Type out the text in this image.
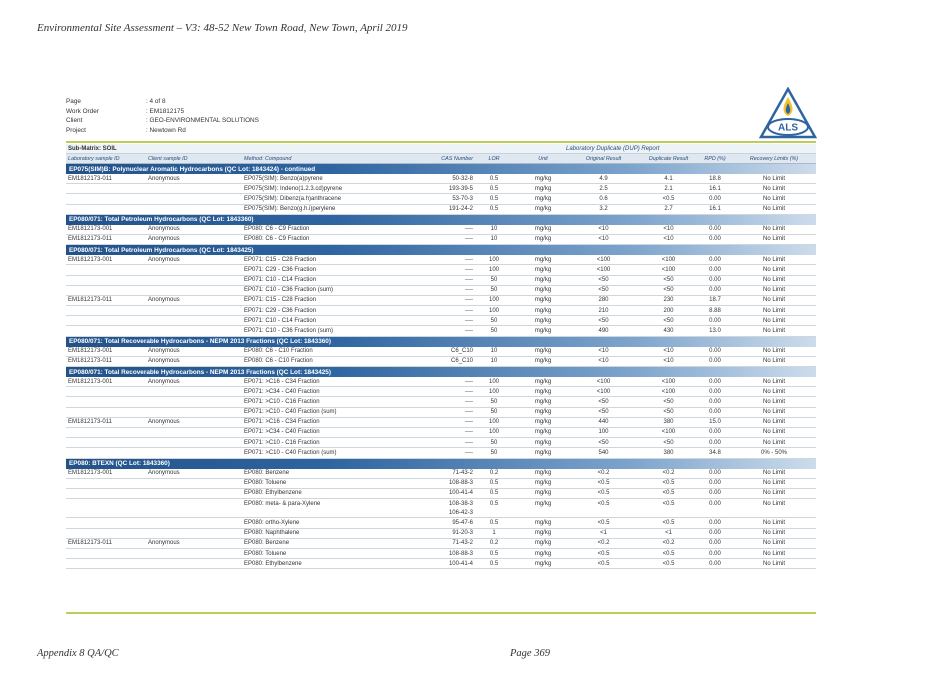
Environmental Site Assessment – V3: 48-52 New Town Road, New Town, April 2019
Page	: 4 of 8
Work Order	: EM1812175
Client	: GEO-ENVIRONMENTAL SOLUTIONS
Project	: Newtown Rd	ALS
Sub-Matrix: SOIL	Laboratory Duplicate (DUP) Report
Laboratory sample ID	Client sample ID	Method: Compound	CAS Number	LOR	Unit	Original Result	Duplicate Result	RPD (%)	Recovery Limits (%)
EP075(SIM)B: Polynuclear Aromatic Hydrocarbons (QC Lot: 1843424) - continued
EM1812173-011	Anonymous	EP075(SIM): Benzo(a)pyrene	50-32-8	0.5	mg/kg	4.9	4.1	18.8	No Limit
EP075(SIM): Indeno(1.2.3.cd)pyrene	193-39-5	0.5	mg/kg	2.5	2.1	16.1	No Limit
EP075(SIM): Dibenz(a.h)anthracene	53-70-3	0.5	mg/kg	0.6	<0.5	0.00	No Limit
EP075(SIM): Benzo(g.h.i)perylene	191-24-2	0.5	mg/kg	3.2	2.7	16.1	No Limit
EP080/071: Total Petroleum Hydrocarbons (QC Lot: 1843360)
EM1812173-001	Anonymous	EP080: C6 - C9 Fraction	----	10	mg/kg	<10	<10	0.00	No Limit
EM1812173-011	Anonymous	EP080: C6 - C9 Fraction	----	10	mg/kg	<10	<10	0.00	No Limit
EP080/071: Total Petroleum Hydrocarbons (QC Lot: 1843425)
EM1812173-001	Anonymous	EP071: C15 - C28 Fraction	----	100	mg/kg	<100	<100	0.00	No Limit
EP071: C29 - C36 Fraction	----	100	mg/kg	<100	<100	0.00	No Limit
EP071: C10 - C14 Fraction	----	50	mg/kg	<50	<50	0.00	No Limit
EP071: C10 - C36 Fraction (sum)	----	50	mg/kg	<50	<50	0.00	No Limit
EM1812173-011	Anonymous	EP071: C15 - C28 Fraction	----	100	mg/kg	280	230	18.7	No Limit
EP071: C29 - C36 Fraction	----	100	mg/kg	210	200	8.88	No Limit
EP071: C10 - C14 Fraction	----	50	mg/kg	<50	<50	0.00	No Limit
EP071: C10 - C36 Fraction (sum)	----	50	mg/kg	490	430	13.0	No Limit
EP080/071: Total Recoverable Hydrocarbons - NEPM 2013 Fractions (QC Lot: 1843360)
EM1812173-001	Anonymous	EP080: C6 - C10 Fraction	C6_C10	10	mg/kg	<10	<10	0.00	No Limit
EM1812173-011	Anonymous	EP080: C6 - C10 Fraction	C6_C10	10	mg/kg	<10	<10	0.00	No Limit
EP080/071: Total Recoverable Hydrocarbons - NEPM 2013 Fractions (QC Lot: 1843425)
EM1812173-001	Anonymous	EP071: >C16 - C34 Fraction	----	100	mg/kg	<100	<100	0.00	No Limit
EP071: >C34 - C40 Fraction	----	100	mg/kg	<100	<100	0.00	No Limit
EP071: >C10 - C16 Fraction	----	50	mg/kg	<50	<50	0.00	No Limit
EP071: >C10 - C40 Fraction (sum)	----	50	mg/kg	<50	<50	0.00	No Limit
EM1812173-011	Anonymous	EP071: >C16 - C34 Fraction	----	100	mg/kg	440	380	15.0	No Limit
EP071: >C34 - C40 Fraction	----	100	mg/kg	100	<100	0.00	No Limit
EP071: >C10 - C16 Fraction	----	50	mg/kg	<50	<50	0.00	No Limit
EP071: >C10 - C40 Fraction (sum)	----	50	mg/kg	540	380	34.8	0% - 50%
EP080: BTEXN (QC Lot: 1843360)
EM1812173-001	Anonymous	EP080: Benzene	71-43-2	0.2	mg/kg	<0.2	<0.2	0.00	No Limit
EP080: Toluene	108-88-3	0.5	mg/kg	<0.5	<0.5	0.00	No Limit
EP080: Ethylbenzene	100-41-4	0.5	mg/kg	<0.5	<0.5	0.00	No Limit
EP080: meta- & para-Xylene	108-38-3	0.5	mg/kg	<0.5	<0.5	0.00	No Limit
106-42-3
EP080: ortho-Xylene	95-47-6	0.5	mg/kg	<0.5	<0.5	0.00	No Limit
EP080: Naphthalene	91-20-3	1	mg/kg	<1	<1	0.00	No Limit
EM1812173-011	Anonymous	EP080: Benzene	71-43-2	0.2	mg/kg	<0.2	<0.2	0.00	No Limit
EP080: Toluene	108-88-3	0.5	mg/kg	<0.5	<0.5	0.00	No Limit
EP080: Ethylbenzene	100-41-4	0.5	mg/kg	<0.5	<0.5	0.00	No Limit
Appendix 8 QA/QC	Page 369
